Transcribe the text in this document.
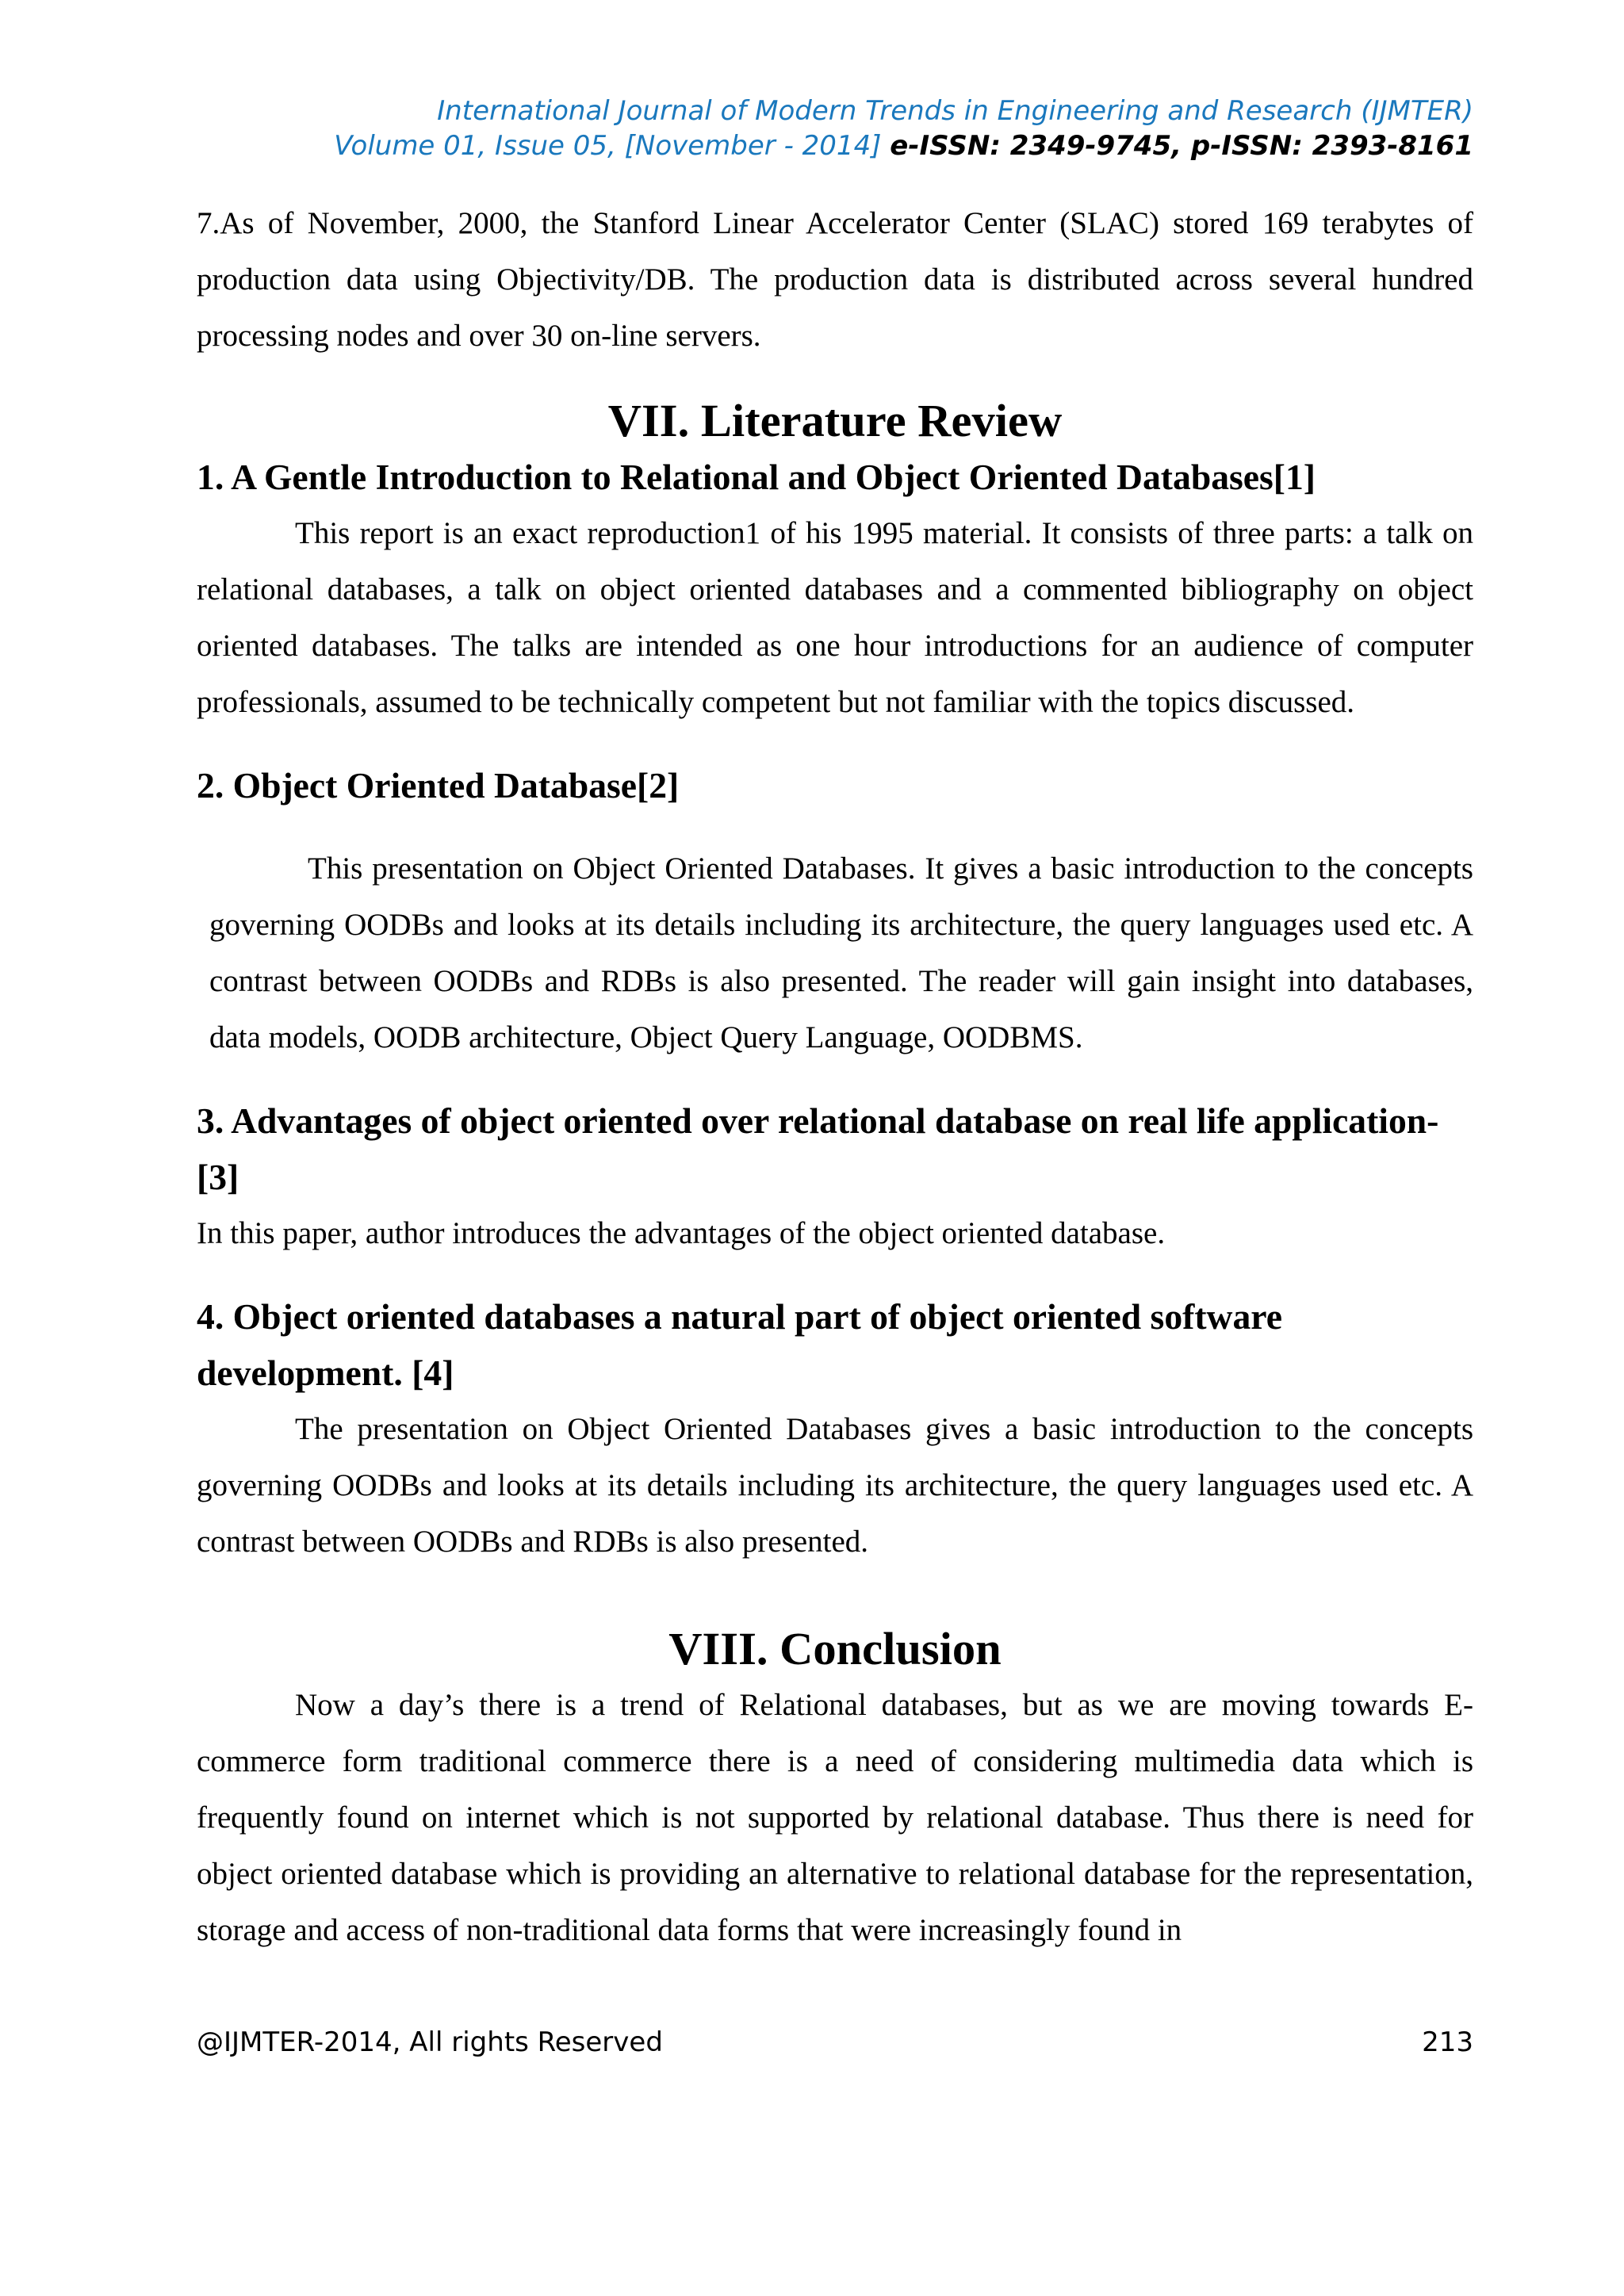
International Journal of Modern Trends in Engineering and Research (IJMTER)
Volume 01, Issue 05, [November - 2014] e-ISSN: 2349-9745, p-ISSN: 2393-8161

7.As of November, 2000, the Stanford Linear Accelerator Center (SLAC) stored 169 terabytes of production data using Objectivity/DB. The production data is distributed across several hundred processing nodes and over 30 on-line servers.

VII. Literature Review
1. A Gentle Introduction to Relational and Object Oriented Databases[1]

This report is an exact reproduction1 of his 1995 material. It consists of three parts: a talk on relational databases, a talk on object oriented databases and a commented bibliography on object oriented databases. The talks are intended as one hour introductions for an audience of computer professionals, assumed to be technically competent but not familiar with the topics discussed.

2. Object Oriented Database[2]

This presentation on Object Oriented Databases. It gives a basic introduction to the concepts governing OODBs and looks at its details including its architecture, the query languages used etc. A contrast between OODBs and RDBs is also presented. The reader will gain insight into databases, data models, OODB architecture, Object Query Language, OODBMS.

3. Advantages of object oriented over relational database on real life application- [3]

In this paper, author introduces the advantages of the object oriented database.

4. Object oriented databases a natural part of object oriented software development. [4]

The presentation on Object Oriented Databases gives a basic introduction to the concepts governing OODBs and looks at its details including its architecture, the query languages used etc. A contrast between OODBs and RDBs is also presented.

VIII. Conclusion

Now a day’s there is a trend of Relational databases, but as we are moving towards E-commerce form traditional commerce there is a need of considering multimedia data which is frequently found on internet which is not supported by relational database. Thus there is need for object oriented database which is providing an alternative to relational database for the representation, storage and access of non-traditional data forms that were increasingly found in

@IJMTER-2014, All rights Reserved	213
